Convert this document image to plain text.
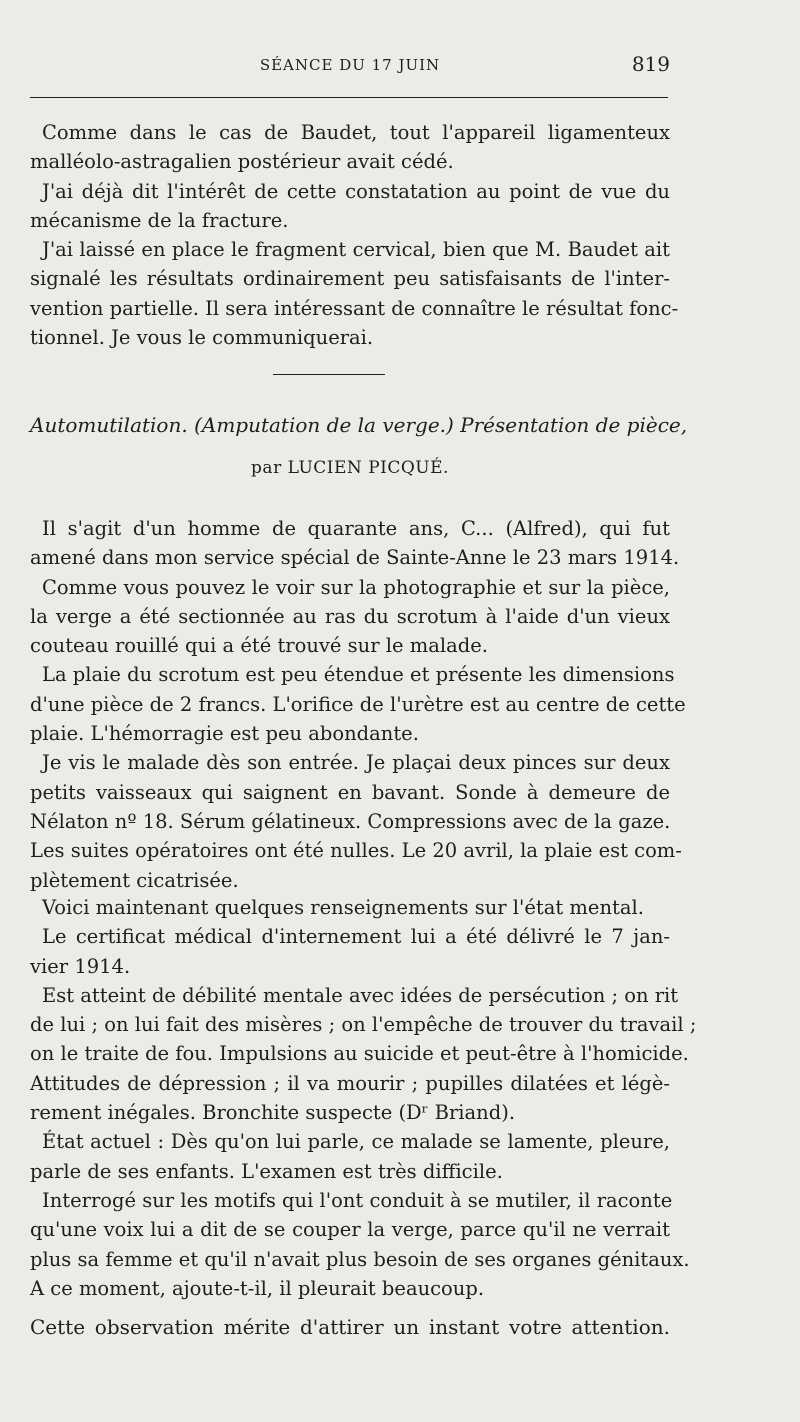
SÉANCE DU 17 JUIN	819
Comme dans le cas de Baudet, tout l'appareil ligamenteux
malléolo-astragalien postérieur avait cédé.
J'ai déjà dit l'intérêt de cette constatation au point de vue du
mécanisme de la fracture.
J'ai laissé en place le fragment cervical, bien que M. Baudet ait
signalé les résultats ordinairement peu satisfaisants de l'inter-
vention partielle. Il sera intéressant de connaître le résultat fonc-
tionnel. Je vous le communiquerai.
Automutilation. (Amputation de la verge.) Présentation de pièce,
par LUCIEN PICQUÉ.
Il s'agit d'un homme de quarante ans, C... (Alfred), qui fut
amené dans mon service spécial de Sainte-Anne le 23 mars 1914.
Comme vous pouvez le voir sur la photographie et sur la pièce,
la verge a été sectionnée au ras du scrotum à l'aide d'un vieux
couteau rouillé qui a été trouvé sur le malade.
La plaie du scrotum est peu étendue et présente les dimensions
d'une pièce de 2 francs. L'orifice de l'urètre est au centre de cette
plaie. L'hémorragie est peu abondante.
Je vis le malade dès son entrée. Je plaçai deux pinces sur deux
petits vaisseaux qui saignent en bavant. Sonde à demeure de
Nélaton nº 18. Sérum gélatineux. Compressions avec de la gaze.
Les suites opératoires ont été nulles. Le 20 avril, la plaie est com-
plètement cicatrisée.
Voici maintenant quelques renseignements sur l'état mental.
Le certificat médical d'internement lui a été délivré le 7 jan-
vier 1914.
Est atteint de débilité mentale avec idées de persécution ; on rit
de lui ; on lui fait des misères ; on l'empêche de trouver du travail ;
on le traite de fou. Impulsions au suicide et peut-être à l'homicide.
Attitudes de dépression ; il va mourir ; pupilles dilatées et légè-
rement inégales. Bronchite suspecte (Dʳ Briand).
État actuel : Dès qu'on lui parle, ce malade se lamente, pleure,
parle de ses enfants. L'examen est très difficile.
Interrogé sur les motifs qui l'ont conduit à se mutiler, il raconte
qu'une voix lui a dit de se couper la verge, parce qu'il ne verrait
plus sa femme et qu'il n'avait plus besoin de ses organes génitaux.
A ce moment, ajoute-t-il, il pleurait beaucoup.
Cette observation mérite d'attirer un instant votre attention.
